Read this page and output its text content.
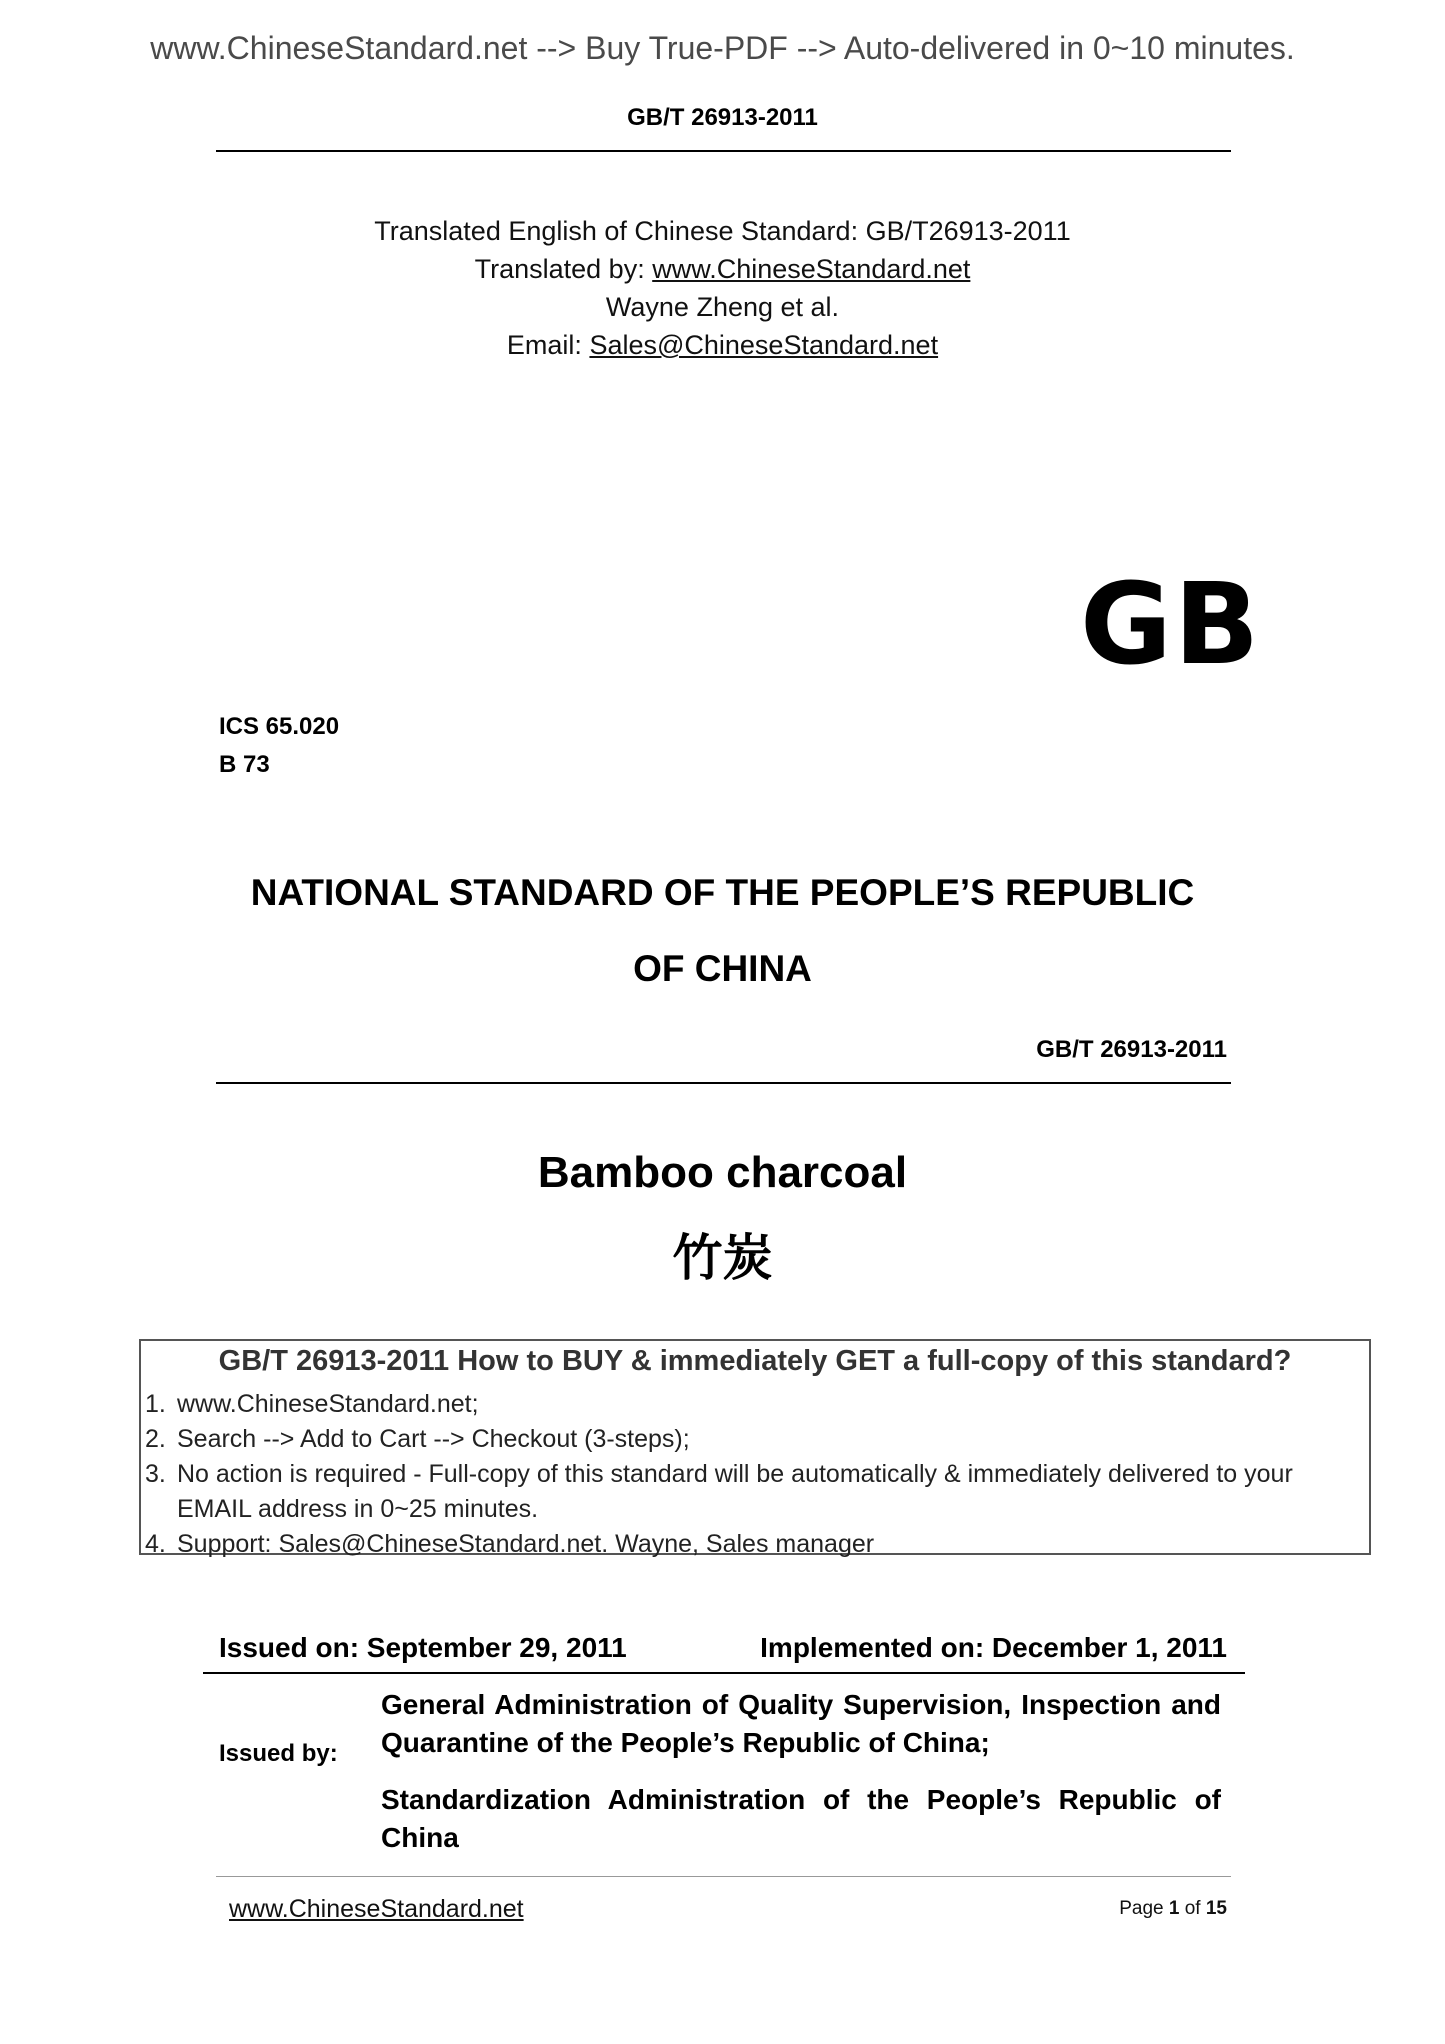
www.ChineseStandard.net --> Buy True-PDF --> Auto-delivered in 0~10 minutes.
GB/T 26913-2011
Translated English of Chinese Standard: GB/T26913-2011
Translated by: www.ChineseStandard.net
Wayne Zheng et al.
Email: Sales@ChineseStandard.net
GB
ICS 65.020
B 73
NATIONAL STANDARD OF THE PEOPLE’S REPUBLIC
OF CHINA
GB/T 26913-2011
Bamboo charcoal
竹炭
GB/T 26913-2011 How to BUY & immediately GET a full-copy of this standard?
1. www.ChineseStandard.net;
2. Search --> Add to Cart --> Checkout (3-steps);
3. No action is required - Full-copy of this standard will be automatically & immediately delivered to your EMAIL address in 0~25 minutes.
4. Support: Sales@ChineseStandard.net. Wayne, Sales manager
Issued on: September 29, 2011	Implemented on: December 1, 2011
Issued by:
General Administration of Quality Supervision, Inspection and Quarantine of the People’s Republic of China;
Standardization Administration of the People’s Republic of China
www.ChineseStandard.net	Page 1 of 15
